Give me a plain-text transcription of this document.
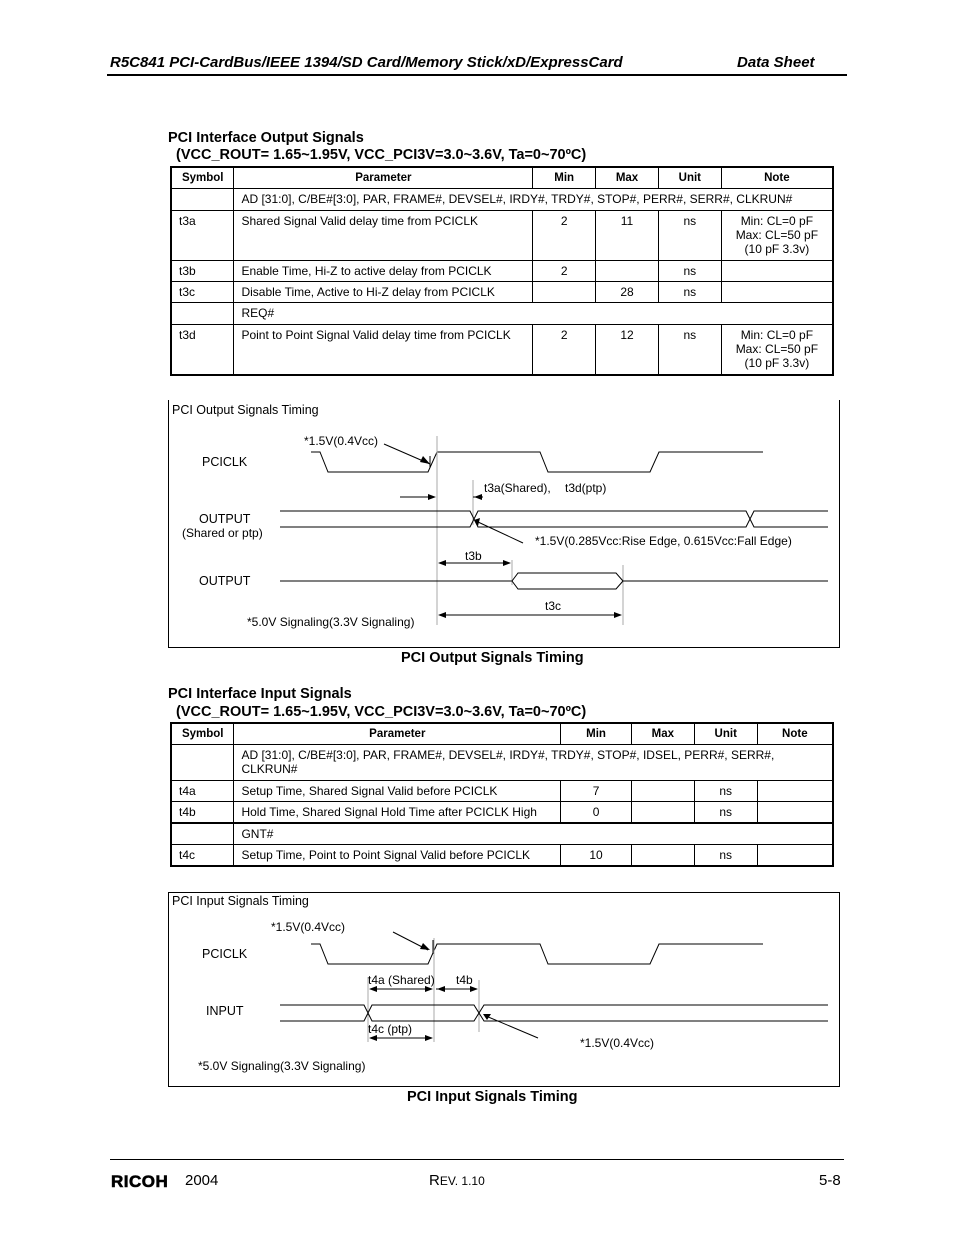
R5C841 PCI-CardBus/IEEE 1394/SD Card/Memory Stick/xD/ExpressCard	Data Sheet
PCI Interface Output Signals
(VCC_ROUT= 1.65~1.95V, VCC_PCI3V=3.0~3.6V, Ta=0~70ºC)
Symbol	Parameter	Min	Max	Unit	Note
	AD [31:0], C/BE#[3:0], PAR, FRAME#, DEVSEL#, IRDY#, TRDY#, STOP#, PERR#, SERR#, CLKRUN#				
t3a	Shared Signal Valid delay time from PCICLK	2	11	ns	Min: CL=0 pF
Max: CL=50 pF
(10 pF 3.3v)

t3b	Enable Time, Hi-Z to active delay from PCICLK	2		ns	
t3c	Disable Time, Active to Hi-Z delay from PCICLK		28	ns	
	REQ#				
t3d	Point to Point Signal Valid delay time from PCICLK	2	12	ns	Min: CL=0 pF
Max: CL=50 pF
(10 pF 3.3v)
PCI Output Signals Timing
*1.5V(0.4Vcc)
PCICLK
t3a(Shared), t3d(ptp)
OUTPUT
(Shared or ptp)
*1.5V(0.285Vcc:Rise Edge, 0.615Vcc:Fall Edge)
t3b
OUTPUT
t3c
*5.0V Signaling(3.3V Signaling)
PCI Output Signals Timing
PCI Interface Input Signals
(VCC_ROUT= 1.65~1.95V, VCC_PCI3V=3.0~3.6V, Ta=0~70ºC)
Symbol	Parameter	Min	Max	Unit	Note

	AD [31:0], C/BE#[3:0], PAR, FRAME#, DEVSEL#, IRDY#, TRDY#, STOP#, IDSEL, PERR#, SERR#,
CLKRUN#				

t4a	Setup Time, Shared Signal Valid before PCICLK	7		ns	
t4b	Hold Time, Shared Signal Hold Time after PCICLK High	0		ns	
	GNT#				
t4c	Setup Time, Point to Point Signal Valid before PCICLK	10		ns	
PCI Input Signals Timing
*1.5V(0.4Vcc)
PCICLK
t4a (Shared) t4b
INPUT
t4c (ptp)
*1.5V(0.4Vcc)
*5.0V Signaling(3.3V Signaling)
PCI Input Signals Timing
RICOH 2004	REV. 1.10	5-8
